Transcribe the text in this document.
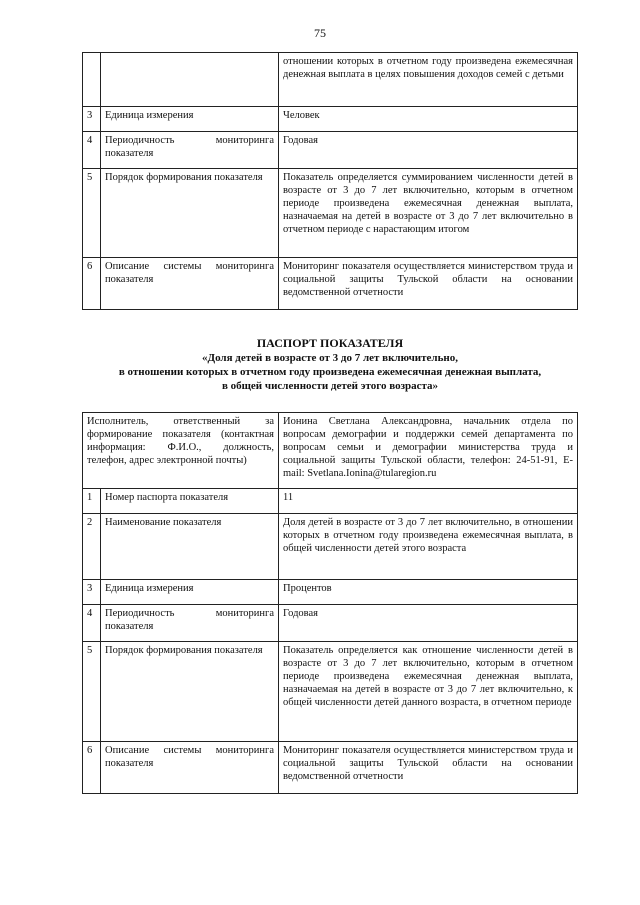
75
		отношении которых в отчетном году произведена ежемесячная денежная выплата в целях повышения доходов семей с детьми
3	Единица измерения	Человек
4	Периодичность мониторинга показателя	Годовая
5	Порядок формирования показателя	Показатель определяется суммированием численности детей в возрасте от 3 до 7 лет включительно, которым в отчетном периоде произведена ежемесячная денежная выплата, назначаемая на детей в возрасте от 3 до 7 лет включительно в отчетном периоде с нарастающим итогом
6	Описание системы мониторинга показателя	Мониторинг показателя осуществляется министерством труда и социальной защиты Тульской области на основании ведомственной отчетности
ПАСПОРТ ПОКАЗАТЕЛЯ
«Доля детей в возрасте от 3 до 7 лет включительно,
в отношении которых в отчетном году произведена ежемесячная денежная выплата,
в общей численности детей этого возраста»
Исполнитель, ответственный за формирование показателя (контактная информация: Ф.И.О., должность, телефон, адрес электронной почты)		Ионина Светлана Александровна, начальник отдела по вопросам демографии и поддержки семей департамента по вопросам семьи и демографии министерства труда и социальной защиты Тульской области, телефон: 24-51-91, E-mail: Svetlana.Ionina@tularegion.ru
1	Номер паспорта показателя	11
2	Наименование показателя	Доля детей в возрасте от 3 до 7 лет включительно, в отношении которых в отчетном году произведена ежемесячная выплата, в общей численности детей этого возраста
3	Единица измерения	Процентов
4	Периодичность мониторинга показателя	Годовая
5	Порядок формирования показателя	Показатель определяется как отношение численности детей в возрасте от 3 до 7 лет включительно, которым в отчетном периоде произведена ежемесячная денежная выплата, назначаемая на детей в возрасте от 3 до 7 лет включительно, к общей численности детей данного возраста, в отчетном периоде
6	Описание системы мониторинга показателя	Мониторинг показателя осуществляется министерством труда и социальной защиты Тульской области на основании ведомственной отчетности
